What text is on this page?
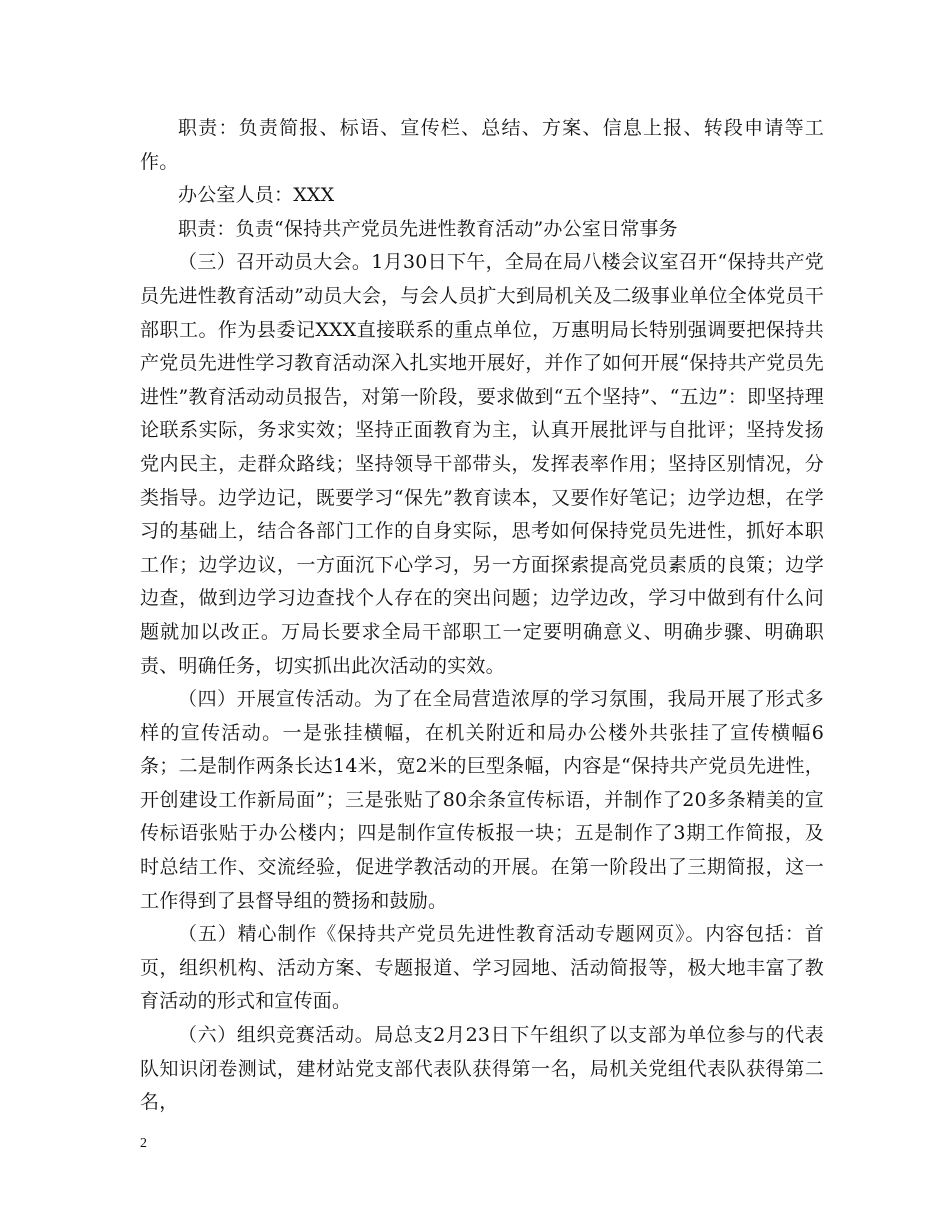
职责：负责简报、标语、宣传栏、总结、方案、信息上报、转段申请等工作。

办公室人员：XXX

职责：负责“保持共产党员先进性教育活动”办公室日常事务

（三）召开动员大会。1月30日下午，全局在局八楼会议室召开“保持共产党员先进性教育活动”动员大会，与会人员扩大到局机关及二级事业单位全体党员干部职工。作为县委记XXX直接联系的重点单位，万惠明局长特别强调要把保持共产党员先进性学习教育活动深入扎实地开展好，并作了如何开展“保持共产党员先进性”教育活动动员报告，对第一阶段，要求做到“五个坚持”、“五边”：即坚持理论联系实际，务求实效；坚持正面教育为主，认真开展批评与自批评；坚持发扬党内民主，走群众路线；坚持领导干部带头，发挥表率作用；坚持区别情况，分类指导。边学边记，既要学习“保先”教育读本，又要作好笔记；边学边想，在学习的基础上，结合各部门工作的自身实际，思考如何保持党员先进性，抓好本职工作；边学边议，一方面沉下心学习，另一方面探索提高党员素质的良策；边学边查，做到边学习边查找个人存在的突出问题；边学边改，学习中做到有什么问题就加以改正。万局长要求全局干部职工一定要明确意义、明确步骤、明确职责、明确任务，切实抓出此次活动的实效。

（四）开展宣传活动。为了在全局营造浓厚的学习氛围，我局开展了形式多样的宣传活动。一是张挂横幅，在机关附近和局办公楼外共张挂了宣传横幅6条；二是制作两条长达14米，宽2米的巨型条幅，内容是“保持共产党员先进性，开创建设工作新局面”；三是张贴了80余条宣传标语，并制作了20多条精美的宣传标语张贴于办公楼内；四是制作宣传板报一块；五是制作了3期工作简报，及时总结工作、交流经验，促进学教活动的开展。在第一阶段出了三期简报，这一工作得到了县督导组的赞扬和鼓励。

（五）精心制作《保持共产党员先进性教育活动专题网页》。内容包括：首页，组织机构、活动方案、专题报道、学习园地、活动简报等，极大地丰富了教育活动的形式和宣传面。

（六）组织竞赛活动。局总支2月23日下午组织了以支部为单位参与的代表队知识闭卷测试，建材站党支部代表队获得第一名，局机关党组代表队获得第二名，

2
